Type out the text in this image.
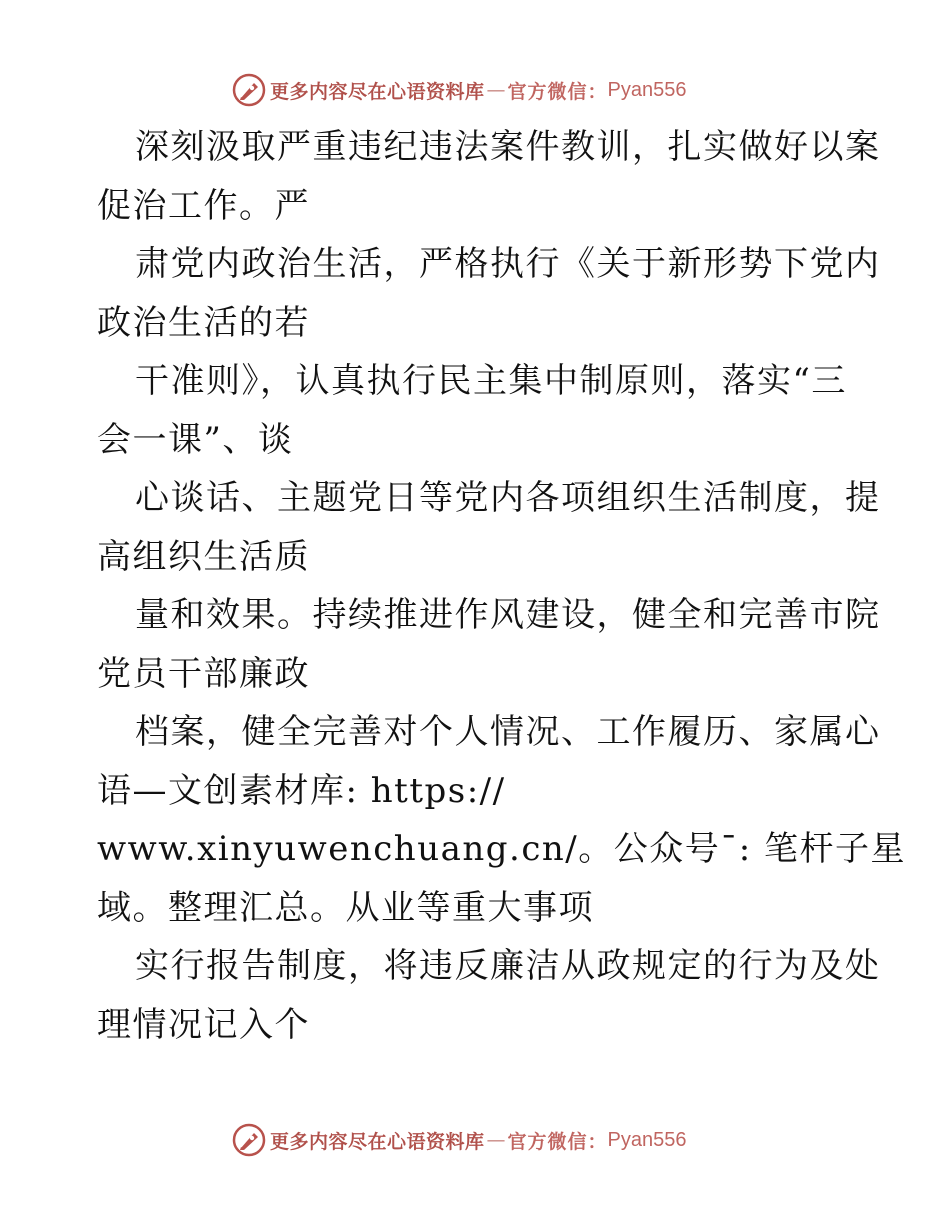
更多内容尽在心语资料库 — 官方微信： Pyan556
深刻汲取严重违纪违法案件教训，扎实做好以案
促治工作。严
肃党内政治生活，严格执行《关于新形势下党内
政治生活的若
干准则》，认真执行民主集中制原则，落实“三
会一课”、谈
心谈话、主题党日等党内各项组织生活制度，提
高组织生活质
量和效果。持续推进作风建设，健全和完善市院
党员干部廉政
档案，健全完善对个人情况、工作履历、家属心
语—文创素材库: https://
www.xinyuwenchuang.cn/。公众号¯: 笔杆子星
域。整理汇总。从业等重大事项
实行报告制度，将违反廉洁从政规定的行为及处
理情况记入个
更多内容尽在心语资料库 — 官方微信： Pyan556
